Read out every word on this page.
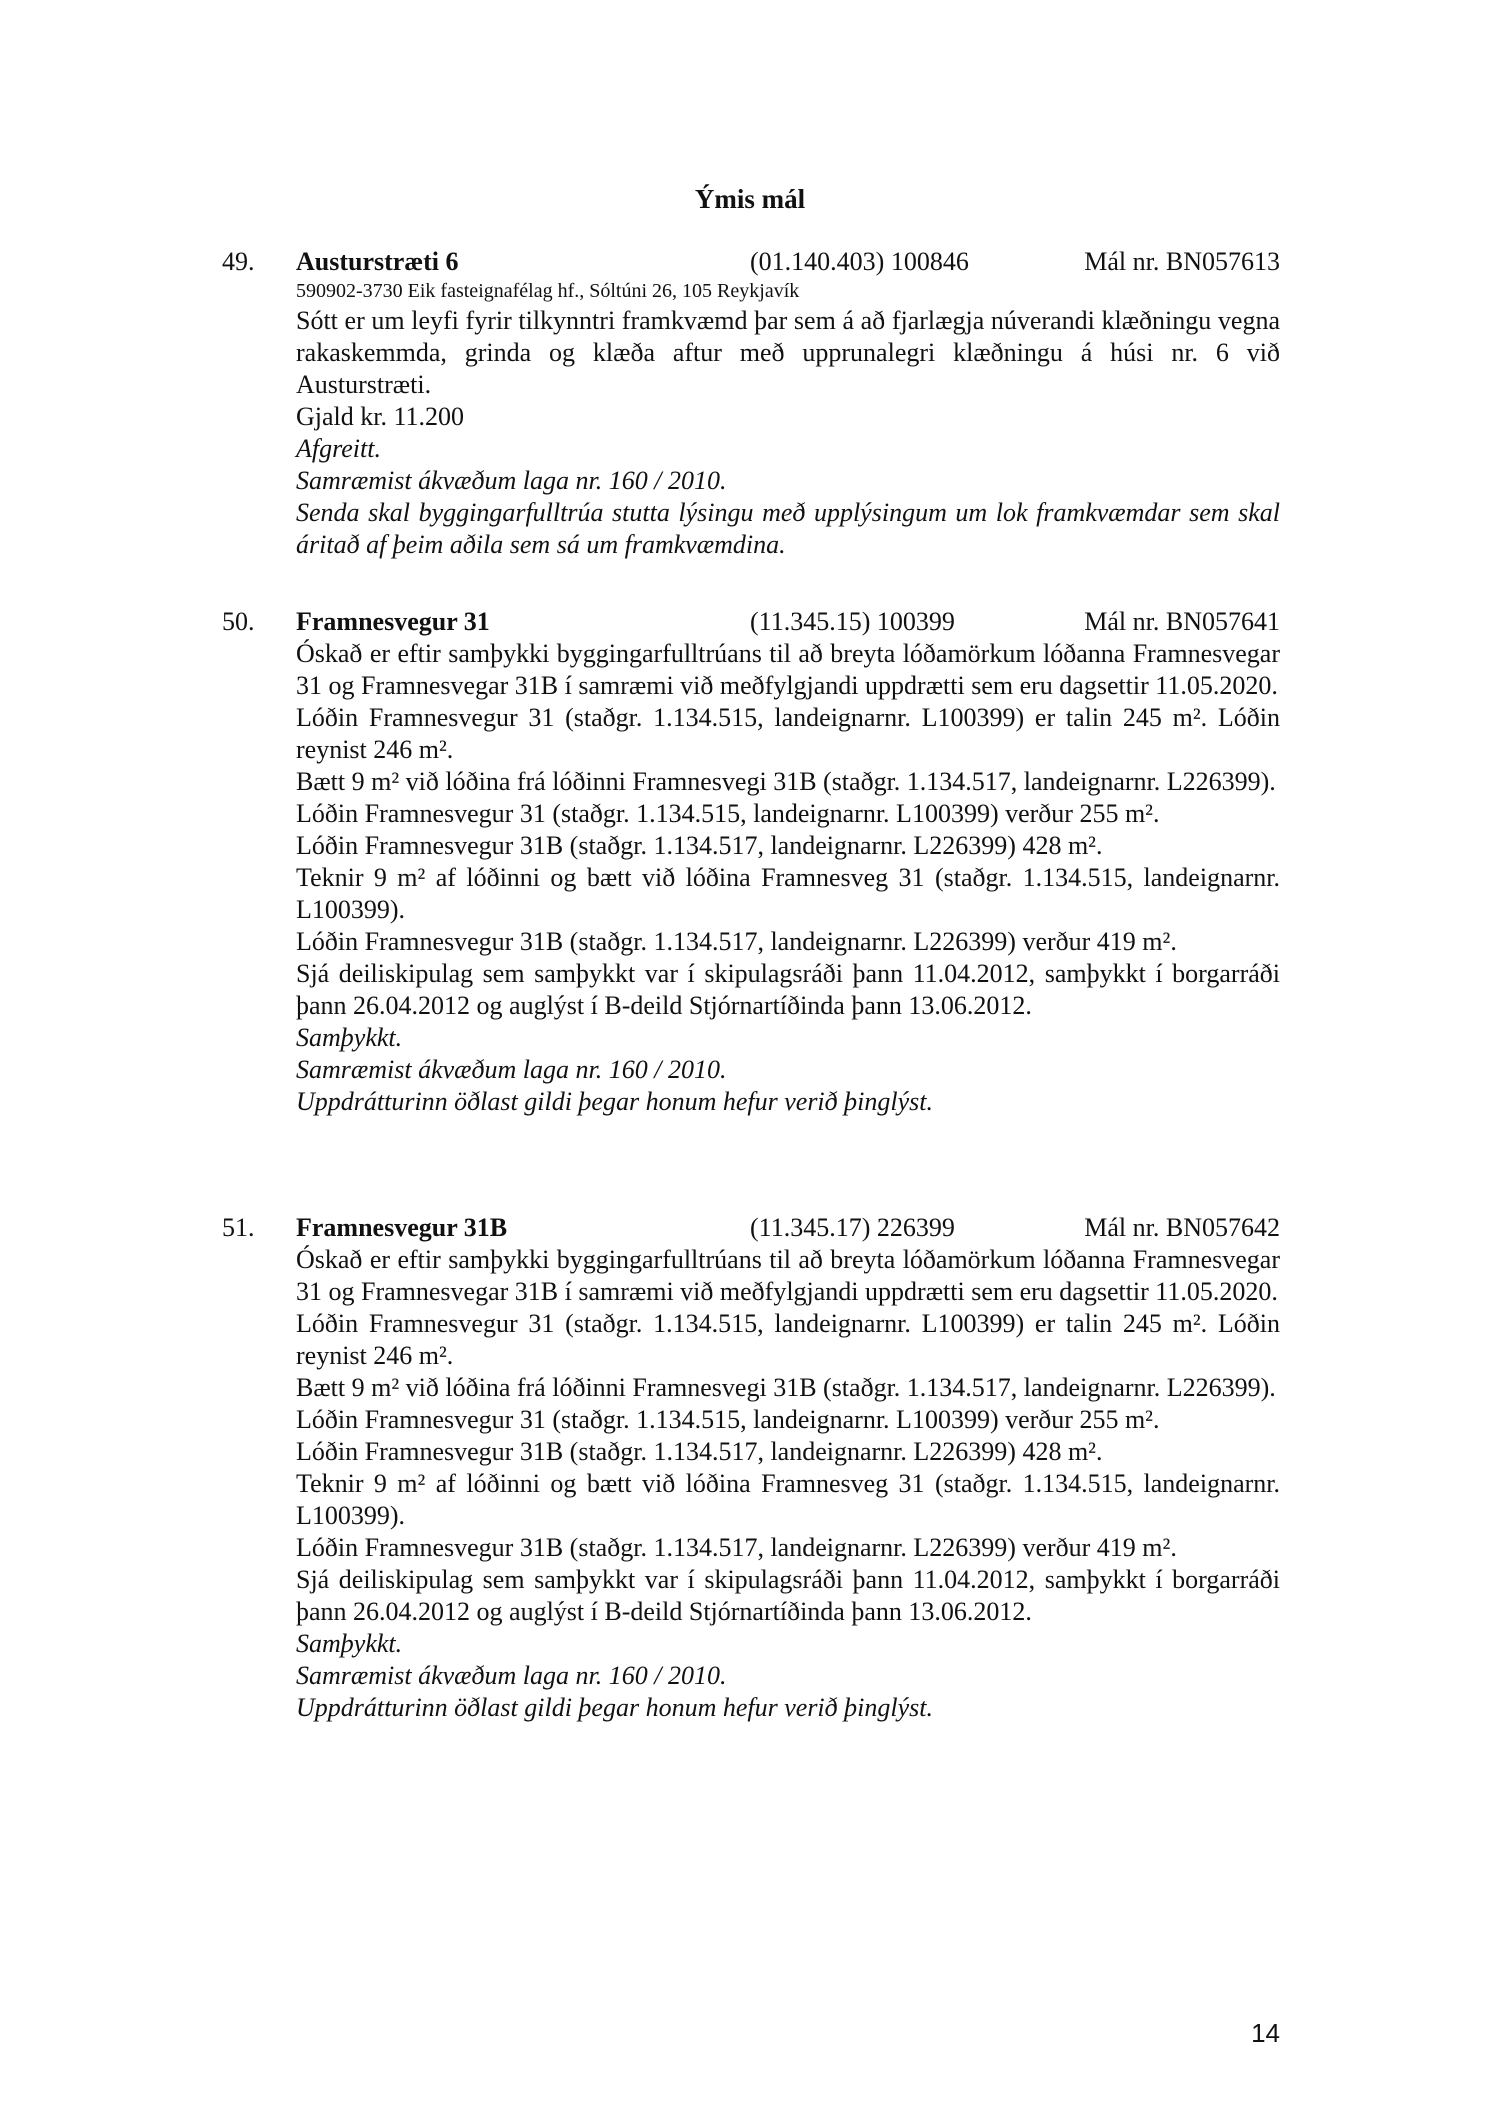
Ýmis mál
49. Austurstræti 6	(01.140.403) 100846	Mál nr. BN057613
590902-3730 Eik fasteignafélag hf., Sóltúni 26, 105 Reykjavík
Sótt er um leyfi fyrir tilkynntri framkvæmd þar sem á að fjarlægja núverandi klæðningu vegna rakaskemmda, grinda og klæða aftur með upprunalegri klæðningu á húsi nr. 6 við Austurstræti.
Gjald kr. 11.200
Afgreitt.
Samræmist ákvæðum laga nr. 160 / 2010.
Senda skal byggingarfulltrúa stutta lýsingu með upplýsingum um lok framkvæmdar sem skal áritað af þeim aðila sem sá um framkvæmdina.
50. Framnesvegur 31	(11.345.15) 100399	Mál nr. BN057641
Óskað er eftir samþykki byggingarfulltrúans til að breyta lóðamörkum lóðanna Framnesvegar 31 og Framnesvegar 31B í samræmi við meðfylgjandi uppdrætti sem eru dagsettir 11.05.2020.
Lóðin Framnesvegur 31 (staðgr. 1.134.515, landeignarnr. L100399) er talin 245 m². Lóðin reynist 246 m².
Bætt 9 m² við lóðina frá lóðinni Framnesvegi 31B (staðgr. 1.134.517, landeignarnr. L226399).
Lóðin Framnesvegur 31 (staðgr. 1.134.515, landeignarnr. L100399) verður 255 m².
Lóðin Framnesvegur 31B (staðgr. 1.134.517, landeignarnr. L226399) 428 m².
Teknir 9 m² af lóðinni og bætt við lóðina Framnesveg 31 (staðgr. 1.134.515, landeignarnr. L100399).
Lóðin Framnesvegur 31B (staðgr. 1.134.517, landeignarnr. L226399) verður 419 m².
Sjá deiliskipulag sem samþykkt var í skipulagsráði þann 11.04.2012, samþykkt í borgarráði þann 26.04.2012 og auglýst í B-deild Stjórnartíðinda þann 13.06.2012.
Samþykkt.
Samræmist ákvæðum laga nr. 160 / 2010.
Uppdrátturinn öðlast gildi þegar honum hefur verið þinglýst.
51. Framnesvegur 31B	(11.345.17) 226399	Mál nr. BN057642
Óskað er eftir samþykki byggingarfulltrúans til að breyta lóðamörkum lóðanna Framnesvegar 31 og Framnesvegar 31B í samræmi við meðfylgjandi uppdrætti sem eru dagsettir 11.05.2020.
Lóðin Framnesvegur 31 (staðgr. 1.134.515, landeignarnr. L100399) er talin 245 m². Lóðin reynist 246 m².
Bætt 9 m² við lóðina frá lóðinni Framnesvegi 31B (staðgr. 1.134.517, landeignarnr. L226399).
Lóðin Framnesvegur 31 (staðgr. 1.134.515, landeignarnr. L100399) verður 255 m².
Lóðin Framnesvegur 31B (staðgr. 1.134.517, landeignarnr. L226399) 428 m².
Teknir 9 m² af lóðinni og bætt við lóðina Framnesveg 31 (staðgr. 1.134.515, landeignarnr. L100399).
Lóðin Framnesvegur 31B (staðgr. 1.134.517, landeignarnr. L226399) verður 419 m².
Sjá deiliskipulag sem samþykkt var í skipulagsráði þann 11.04.2012, samþykkt í borgarráði þann 26.04.2012 og auglýst í B-deild Stjórnartíðinda þann 13.06.2012.
Samþykkt.
Samræmist ákvæðum laga nr. 160 / 2010.
Uppdrátturinn öðlast gildi þegar honum hefur verið þinglýst.
14
